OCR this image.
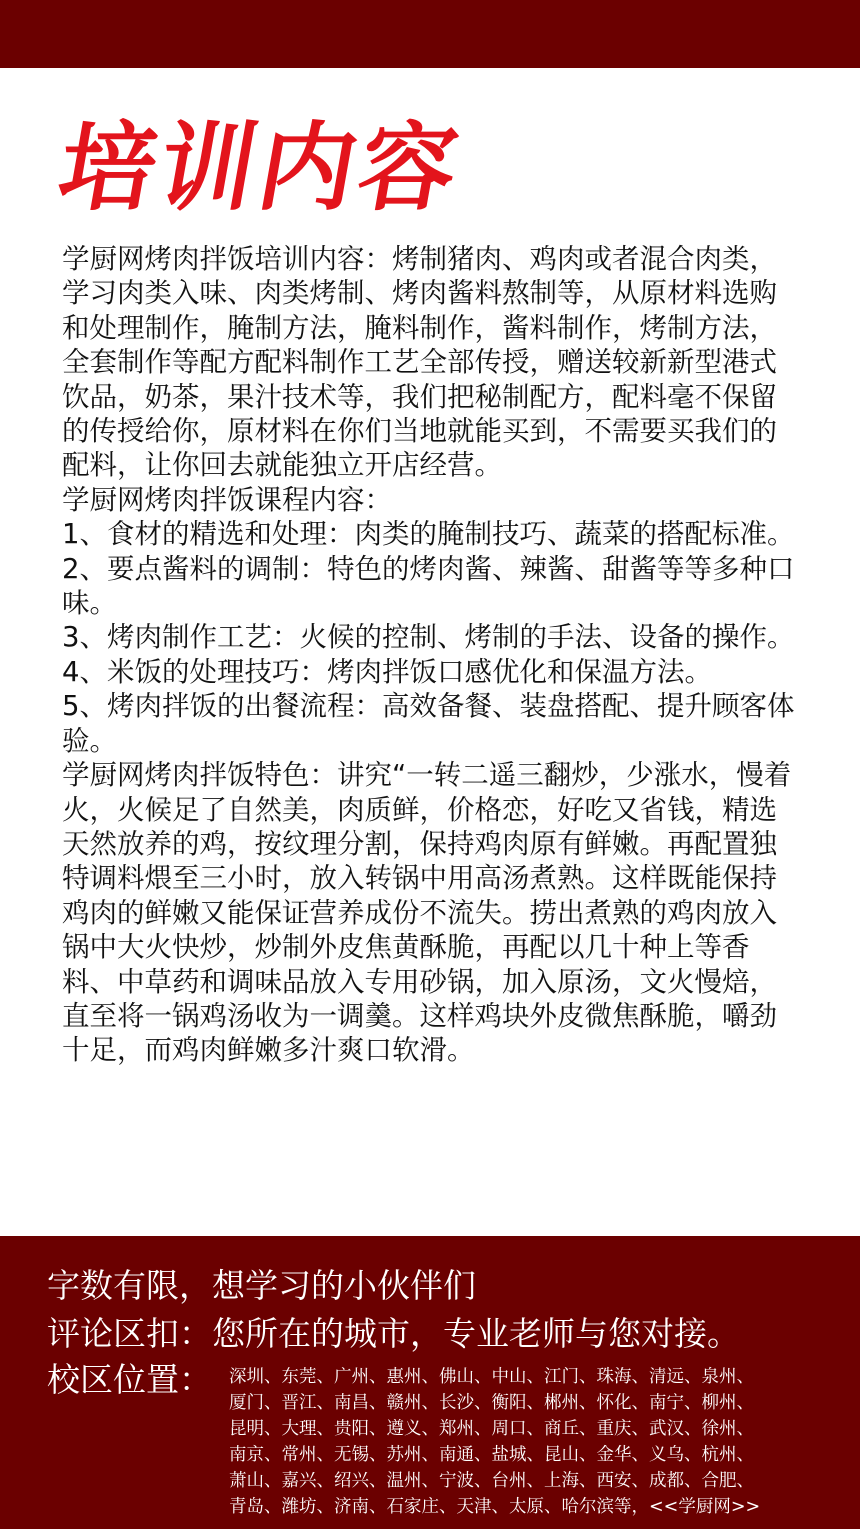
培训内容

学厨网烤肉拌饭培训内容：烤制猪肉、鸡肉或者混合肉类，学习肉类入味、肉类烤制、烤肉酱料熬制等，从原材料选购和处理制作，腌制方法，腌料制作，酱料制作，烤制方法，全套制作等配方配料制作工艺全部传授，赠送较新新型港式饮品，奶茶，果汁技术等，我们把秘制配方，配料毫不保留的传授给你，原材料在你们当地就能买到，不需要买我们的配料，让你回去就能独立开店经营。

学厨网烤肉拌饭课程内容：

1、食材的精选和处理：肉类的腌制技巧、蔬菜的搭配标准。

2、要点酱料的调制：特色的烤肉酱、辣酱、甜酱等等多种口味。

3、烤肉制作工艺：火候的控制、烤制的手法、设备的操作。

4、米饭的处理技巧：烤肉拌饭口感优化和保温方法。

5、烤肉拌饭的出餐流程：高效备餐、装盘搭配、提升顾客体验。

学厨网烤肉拌饭特色：讲究“一转二遥三翻炒，少涨水，慢着火，火候足了自然美，肉质鲜，价格恋，好吃又省钱，精选天然放养的鸡，按纹理分割，保持鸡肉原有鲜嫩。再配置独特调料煨至三小时，放入转锅中用高汤煮熟。这样既能保持鸡肉的鲜嫩又能保证营养成份不流失。捞出煮熟的鸡肉放入锅中大火快炒，炒制外皮焦黄酥脆，再配以几十种上等香料、中草药和调味品放入专用砂锅，加入原汤，文火慢焙，直至将一锅鸡汤收为一调羹。这样鸡块外皮微焦酥脆，嚼劲十足，而鸡肉鲜嫩多汁爽口软滑。

字数有限，想学习的小伙伴们
评论区扣：您所在的城市，专业老师与您对接。
校区位置： 深圳、东莞、广州、惠州、佛山、中山、江门、珠海、清远、泉州、
厦门、晋江、南昌、赣州、长沙、衡阳、郴州、怀化、南宁、柳州、
昆明、大理、贵阳、遵义、郑州、周口、商丘、重庆、武汉、徐州、
南京、常州、无锡、苏州、南通、盐城、昆山、金华、义乌、杭州、
萧山、嘉兴、绍兴、温州、宁波、台州、上海、西安、成都、合肥、
青岛、潍坊、济南、石家庄、天津、太原、哈尔滨等，<<学厨网>>
